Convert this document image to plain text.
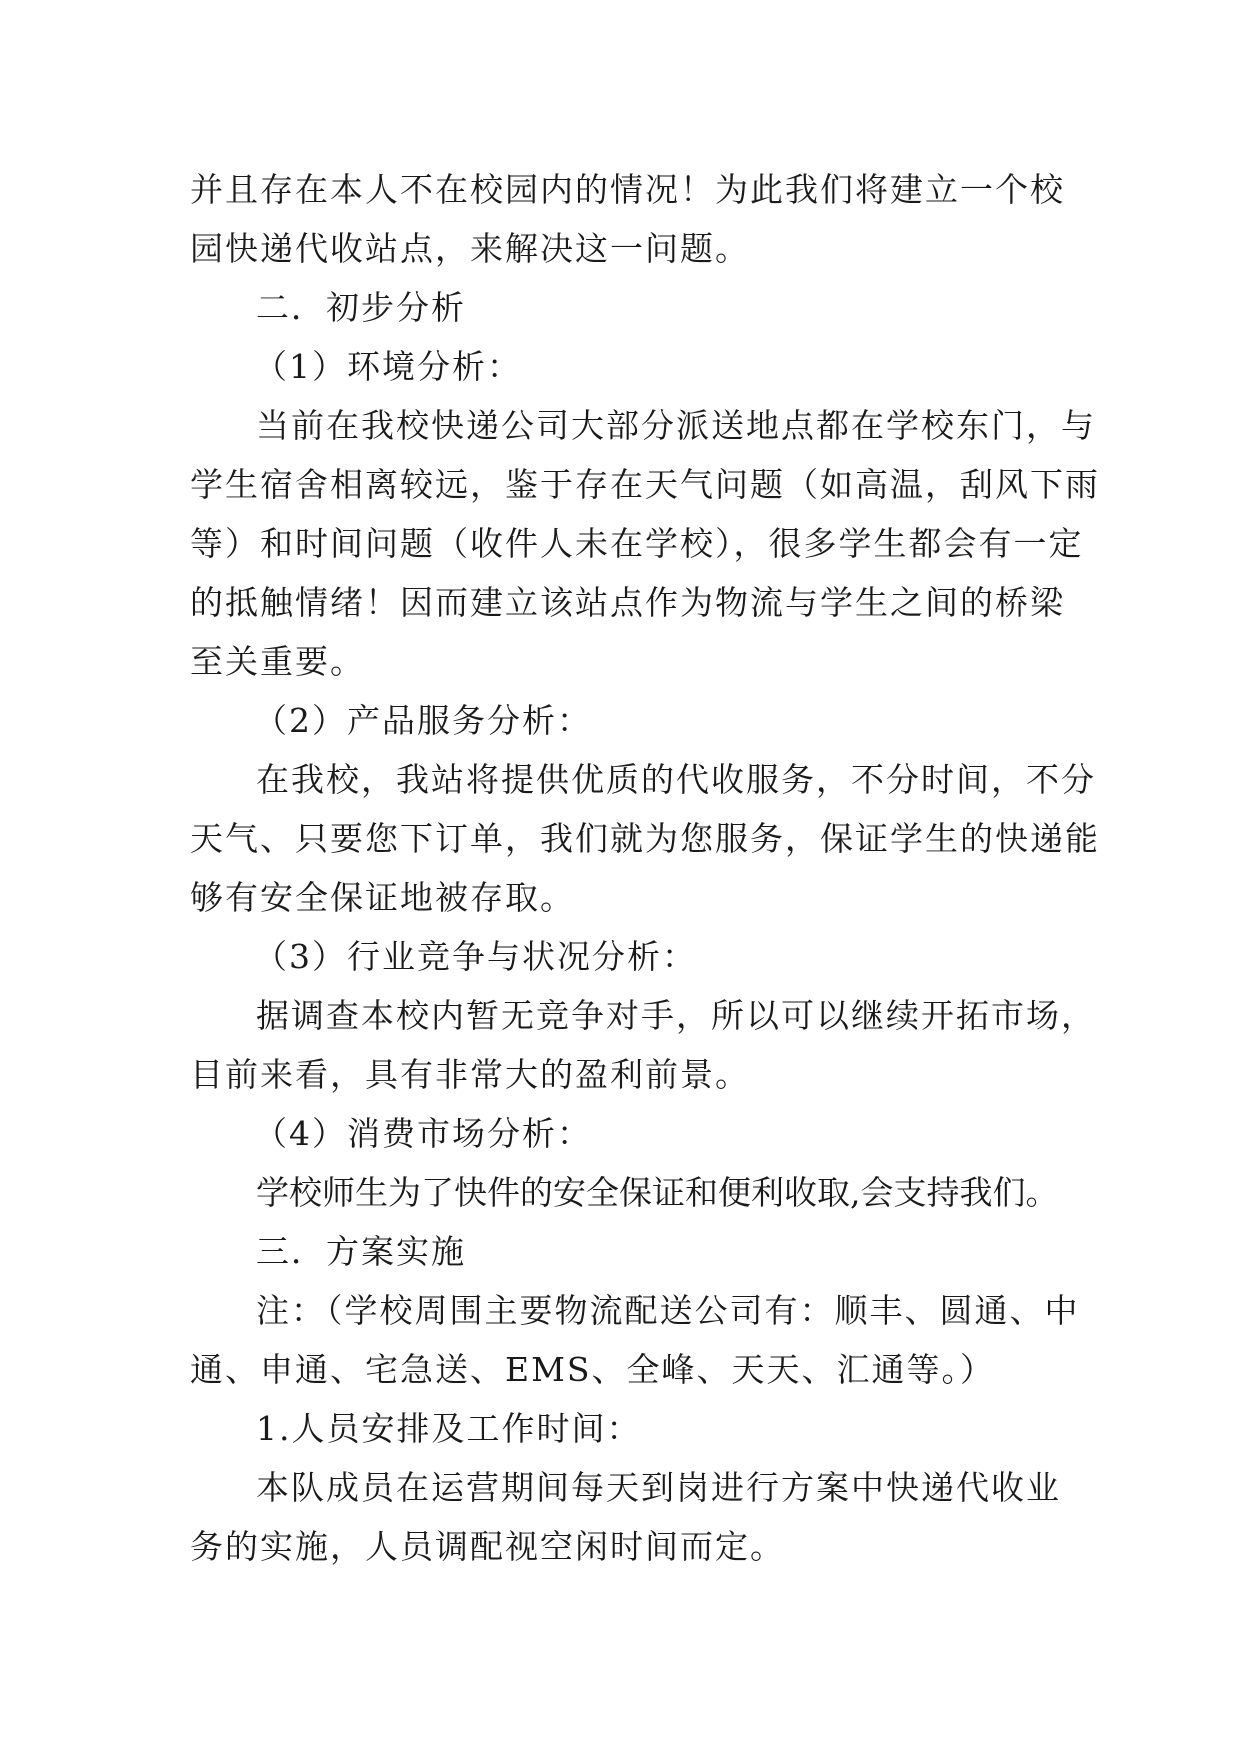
并且存在本人不在校园内的情况！为此我们将建立一个校
园快递代收站点，来解决这一问题。
二．初步分析
（1）环境分析：
当前在我校快递公司大部分派送地点都在学校东门，与
学生宿舍相离较远，鉴于存在天气问题（如高温，刮风下雨
等）和时间问题（收件人未在学校），很多学生都会有一定
的抵触情绪！因而建立该站点作为物流与学生之间的桥梁
至关重要。
（2）产品服务分析：
在我校，我站将提供优质的代收服务，不分时间，不分
天气、只要您下订单，我们就为您服务，保证学生的快递能
够有安全保证地被存取。
（3）行业竞争与状况分析：
据调查本校内暂无竞争对手，所以可以继续开拓市场，
目前来看，具有非常大的盈利前景。
（4）消费市场分析：
学校师生为了快件的安全保证和便利收取,会支持我们。
三．方案实施
注：（学校周围主要物流配送公司有：顺丰、圆通、中
通、申通、宅急送、EMS、全峰、天天、汇通等。）
1.人员安排及工作时间：
本队成员在运营期间每天到岗进行方案中快递代收业
务的实施，人员调配视空闲时间而定。
